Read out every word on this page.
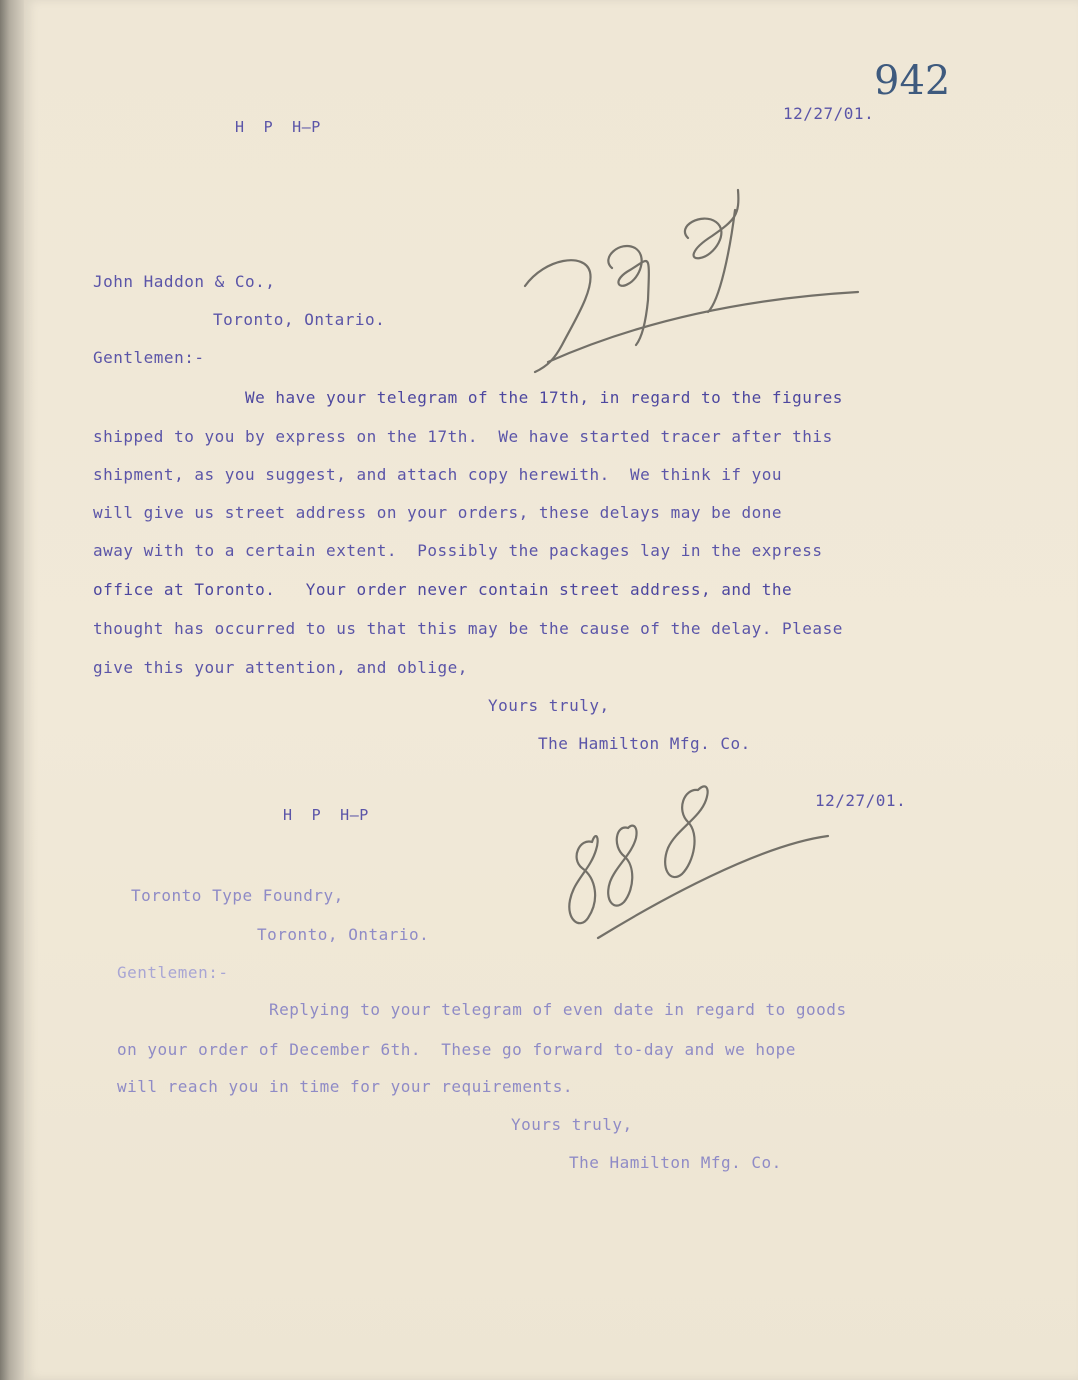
942
H  P  H—P
12/27/01.
John Haddon & Co.,
Toronto, Ontario.
Gentlemen:-
We have your telegram of the 17th, in regard to the figures
shipped to you by express on the 17th.  We have started tracer after this
shipment, as you suggest, and attach copy herewith.  We think if you
will give us street address on your orders, these delays may be done
away with to a certain extent.  Possibly the packages lay in the express
office at Toronto.   Your order never contain street address, and the
thought has occurred to us that this may be the cause of the delay. Please
give this your attention, and oblige,
Yours truly,
The Hamilton Mfg. Co.
12/27/01.
H  P  H—P
Toronto Type Foundry,
Toronto, Ontario.
Gentlemen:-
Replying to your telegram of even date in regard to goods
on your order of December 6th.  These go forward to-day and we hope
will reach you in time for your requirements.
Yours truly,
The Hamilton Mfg. Co.
